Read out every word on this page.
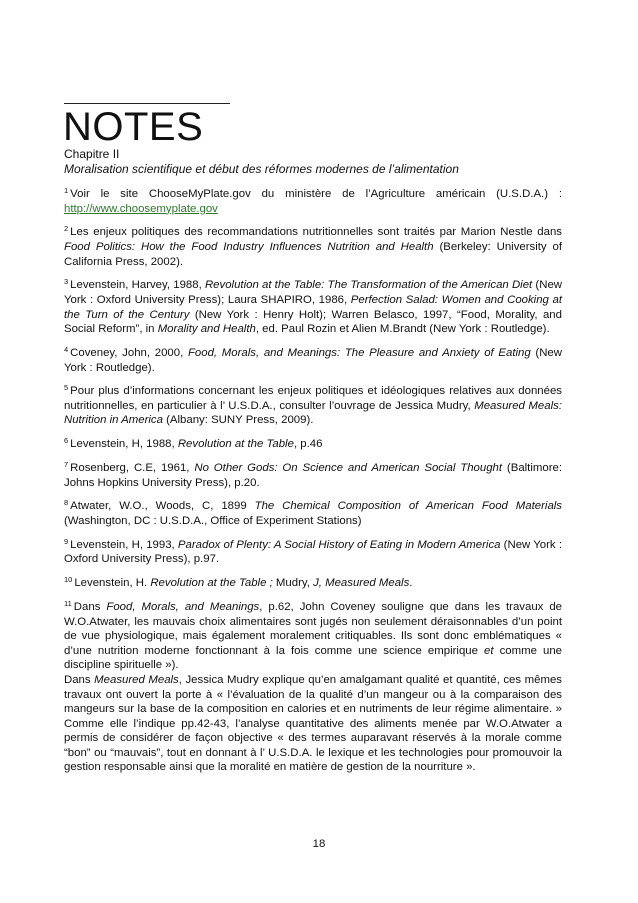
NOTES
Chapitre II
Moralisation scientifique et début des réformes modernes de l’alimentation

$^1$ Voir le site ChooseMyPlate.gov du ministère de l’Agriculture américain (U.S.D.A.) : http://www.choosemyplate.gov

$^2$ Les enjeux politiques des recommandations nutritionnelles sont traités par Marion Nestle dans Food Politics: How the Food Industry Influences Nutrition and Health (Berkeley: University of California Press, 2002).

$^3$ Levenstein, Harvey, 1988, Revolution at the Table: The Transformation of the American Diet (New York : Oxford University Press); Laura SHAPIRO, 1986, Perfection Salad: Women and Cooking at the Turn of the Century (New York : Henry Holt); Warren Belasco, 1997, “Food, Morality, and Social Reform”, in Morality and Health, ed. Paul Rozin et Alien M.Brandt (New York : Routledge).

$^4$ Coveney, John, 2000, Food, Morals, and Meanings: The Pleasure and Anxiety of Eating (New York : Routledge).

$^5$ Pour plus d’informations concernant les enjeux politiques et idéologiques relatives aux données nutritionnelles, en particulier à l’ U.S.D.A., consulter l’ouvrage de Jessica Mudry, Measured Meals: Nutrition in America (Albany: SUNY Press, 2009).

$^6$ Levenstein, H, 1988, Revolution at the Table, p.46

$^7$ Rosenberg, C.E, 1961, No Other Gods: On Science and American Social Thought (Baltimore: Johns Hopkins University Press), p.20.

$^8$ Atwater, W.O., Woods, C, 1899 The Chemical Composition of American Food Materials (Washington, DC : U.S.D.A., Office of Experiment Stations)

$^9$ Levenstein, H, 1993, Paradox of Plenty: A Social History of Eating in Modern America (New York : Oxford University Press), p.97.

$^{10}$ Levenstein, H. Revolution at the Table ; Mudry, J, Measured Meals.

$^{11}$ Dans Food, Morals, and Meanings, p.62, John Coveney souligne que dans les travaux de W.O.Atwater, les mauvais choix alimentaires sont jugés non seulement déraisonnables d’un point de vue physiologique, mais également moralement critiquables. Ils sont donc emblématiques « d’une nutrition moderne fonctionnant à la fois comme une science empirique et comme une discipline spirituelle »).

Dans Measured Meals, Jessica Mudry explique qu’en amalgamant qualité et quantité, ces mêmes travaux ont ouvert la porte à « l’évaluation de la qualité d’un mangeur ou à la comparaison des mangeurs sur la base de la composition en calories et en nutriments de leur régime alimentaire. » Comme elle l’indique pp.42-43, l’analyse quantitative des aliments menée par W.O.Atwater a permis de considérer de façon objective « des termes auparavant réservés à la morale comme “bon” ou “mauvais”, tout en donnant à l’ U.S.D.A. le lexique et les technologies pour promouvoir la gestion responsable ainsi que la moralité en matière de gestion de la nourriture ».

18
